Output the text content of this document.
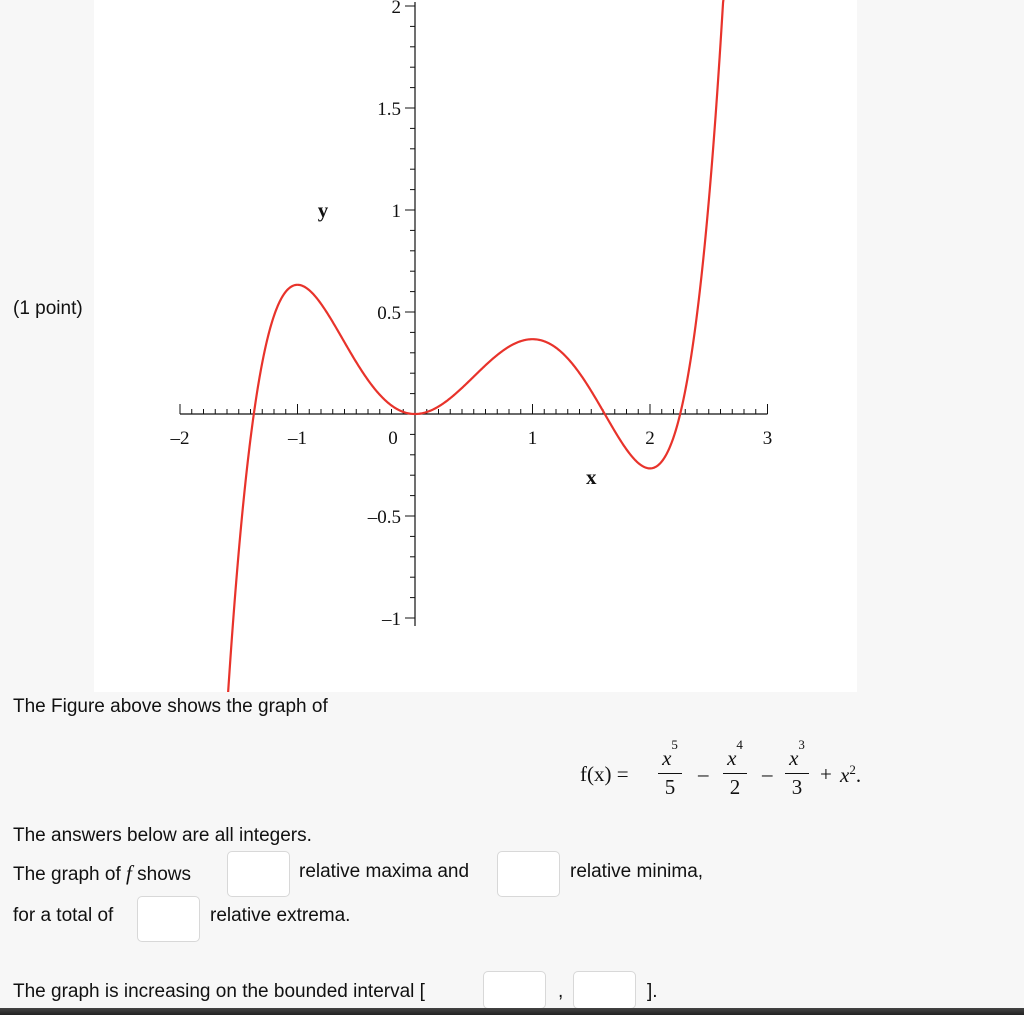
(1 point)
–2	–1	0	1	2	3
2
1.5
1
0.5
–0.5
–1
x
y
The Figure above shows the graph of
f(x) =
$x^5$
5
–
$x^4$
2
–
$x^3$
3
+ $x^2$.
The answers below are all integers.
The graph of f shows	relative maxima and	relative minima,
for a total of	relative extrema.
The graph is increasing on the bounded interval [	,	].
